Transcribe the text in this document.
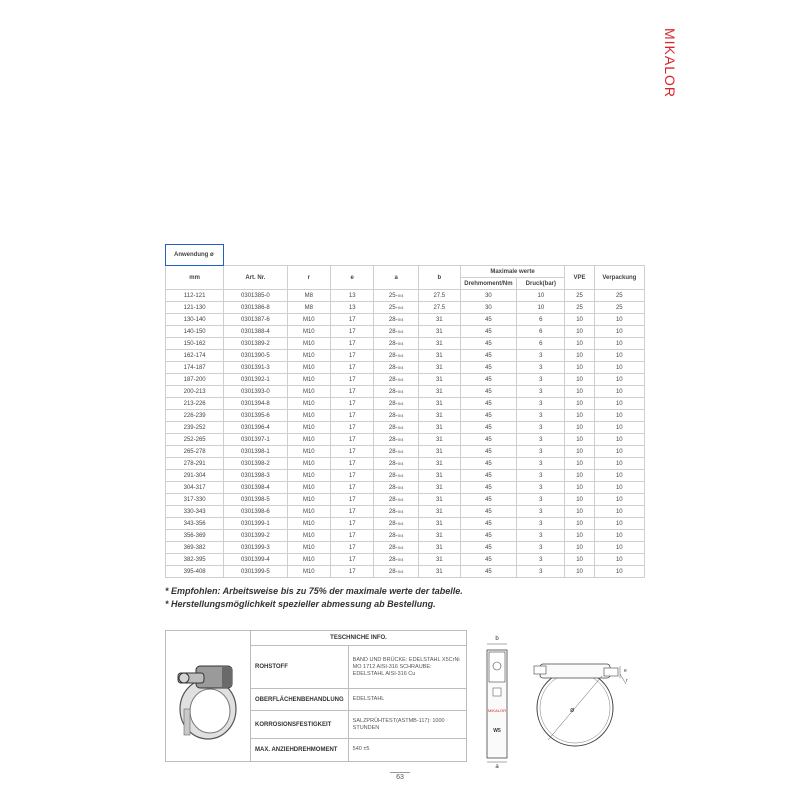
MIKALOR
Anwendung ø									
mm	Art. Nr.	r	e	a	b	Maximale werte		VPE	Verpackung
						Drehmoment/Nm	Druck(bar)		
112-121	0301385-0	M8	13	$25^{+0/4}$	27.5	30	10	25	25
121-130	0301386-8	M8	13	$25^{+0/4}$	27.5	30	10	25	25
130-140	0301387-6	M10	17	$28^{+0/4}$	31	45	6	10	10
140-150	0301388-4	M10	17	$28^{+0/4}$	31	45	6	10	10
150-162	0301389-2	M10	17	$28^{+0/4}$	31	45	6	10	10
162-174	0301390-5	M10	17	$28^{+0/4}$	31	45	3	10	10
174-187	0301391-3	M10	17	$28^{+0/4}$	31	45	3	10	10
187-200	0301392-1	M10	17	$28^{+0/4}$	31	45	3	10	10
200-213	0301393-0	M10	17	$28^{+0/4}$	31	45	3	10	10
213-226	0301394-8	M10	17	$28^{+0/4}$	31	45	3	10	10
226-239	0301395-6	M10	17	$28^{+0/4}$	31	45	3	10	10
239-252	0301396-4	M10	17	$28^{+0/4}$	31	45	3	10	10
252-265	0301397-1	M10	17	$28^{+0/4}$	31	45	3	10	10
265-278	0301398-1	M10	17	$28^{+0/4}$	31	45	3	10	10
278-291	0301398-2	M10	17	$28^{+0/4}$	31	45	3	10	10
291-304	0301398-3	M10	17	$28^{+0/4}$	31	45	3	10	10
304-317	0301398-4	M10	17	$28^{+0/4}$	31	45	3	10	10
317-330	0301398-5	M10	17	$28^{+0/4}$	31	45	3	10	10
330-343	0301398-6	M10	17	$28^{+0/4}$	31	45	3	10	10
343-356	0301399-1	M10	17	$28^{+0/4}$	31	45	3	10	10
356-369	0301399-2	M10	17	$28^{+0/4}$	31	45	3	10	10
369-382	0301399-3	M10	17	$28^{+0/4}$	31	45	3	10	10
382-395	0301399-4	M10	17	$28^{+0/4}$	31	45	3	10	10
395-408	0301399-5	M10	17	$28^{+0/4}$	31	45	3	10	10
* Empfohlen: Arbeitsweise bis zu 75% der maximale werte der tabelle.
* Herstellungsmöglichkeit spezieller abmessung ab Bestellung.
TESCHNICHE INFO.	
ROHSTOFF	BAND UND BRÜCKE: EDELSTAHL X5CrNi MO 1712 AISI-316 SCHRAUBE: EDELSTAHL AISI-316 Cu
OBERFLÄCHENBEHANDLUNG	EDELSTAHL
KORROSIONSFESTIGKEIT	SALZPRÜHTEST(ASTMB-117): 1000 STUNDEN
MAX. ANZIEHDREHMOMENT	540 ±5
b
MIKALOR
W5
a
ø
e
r
63
